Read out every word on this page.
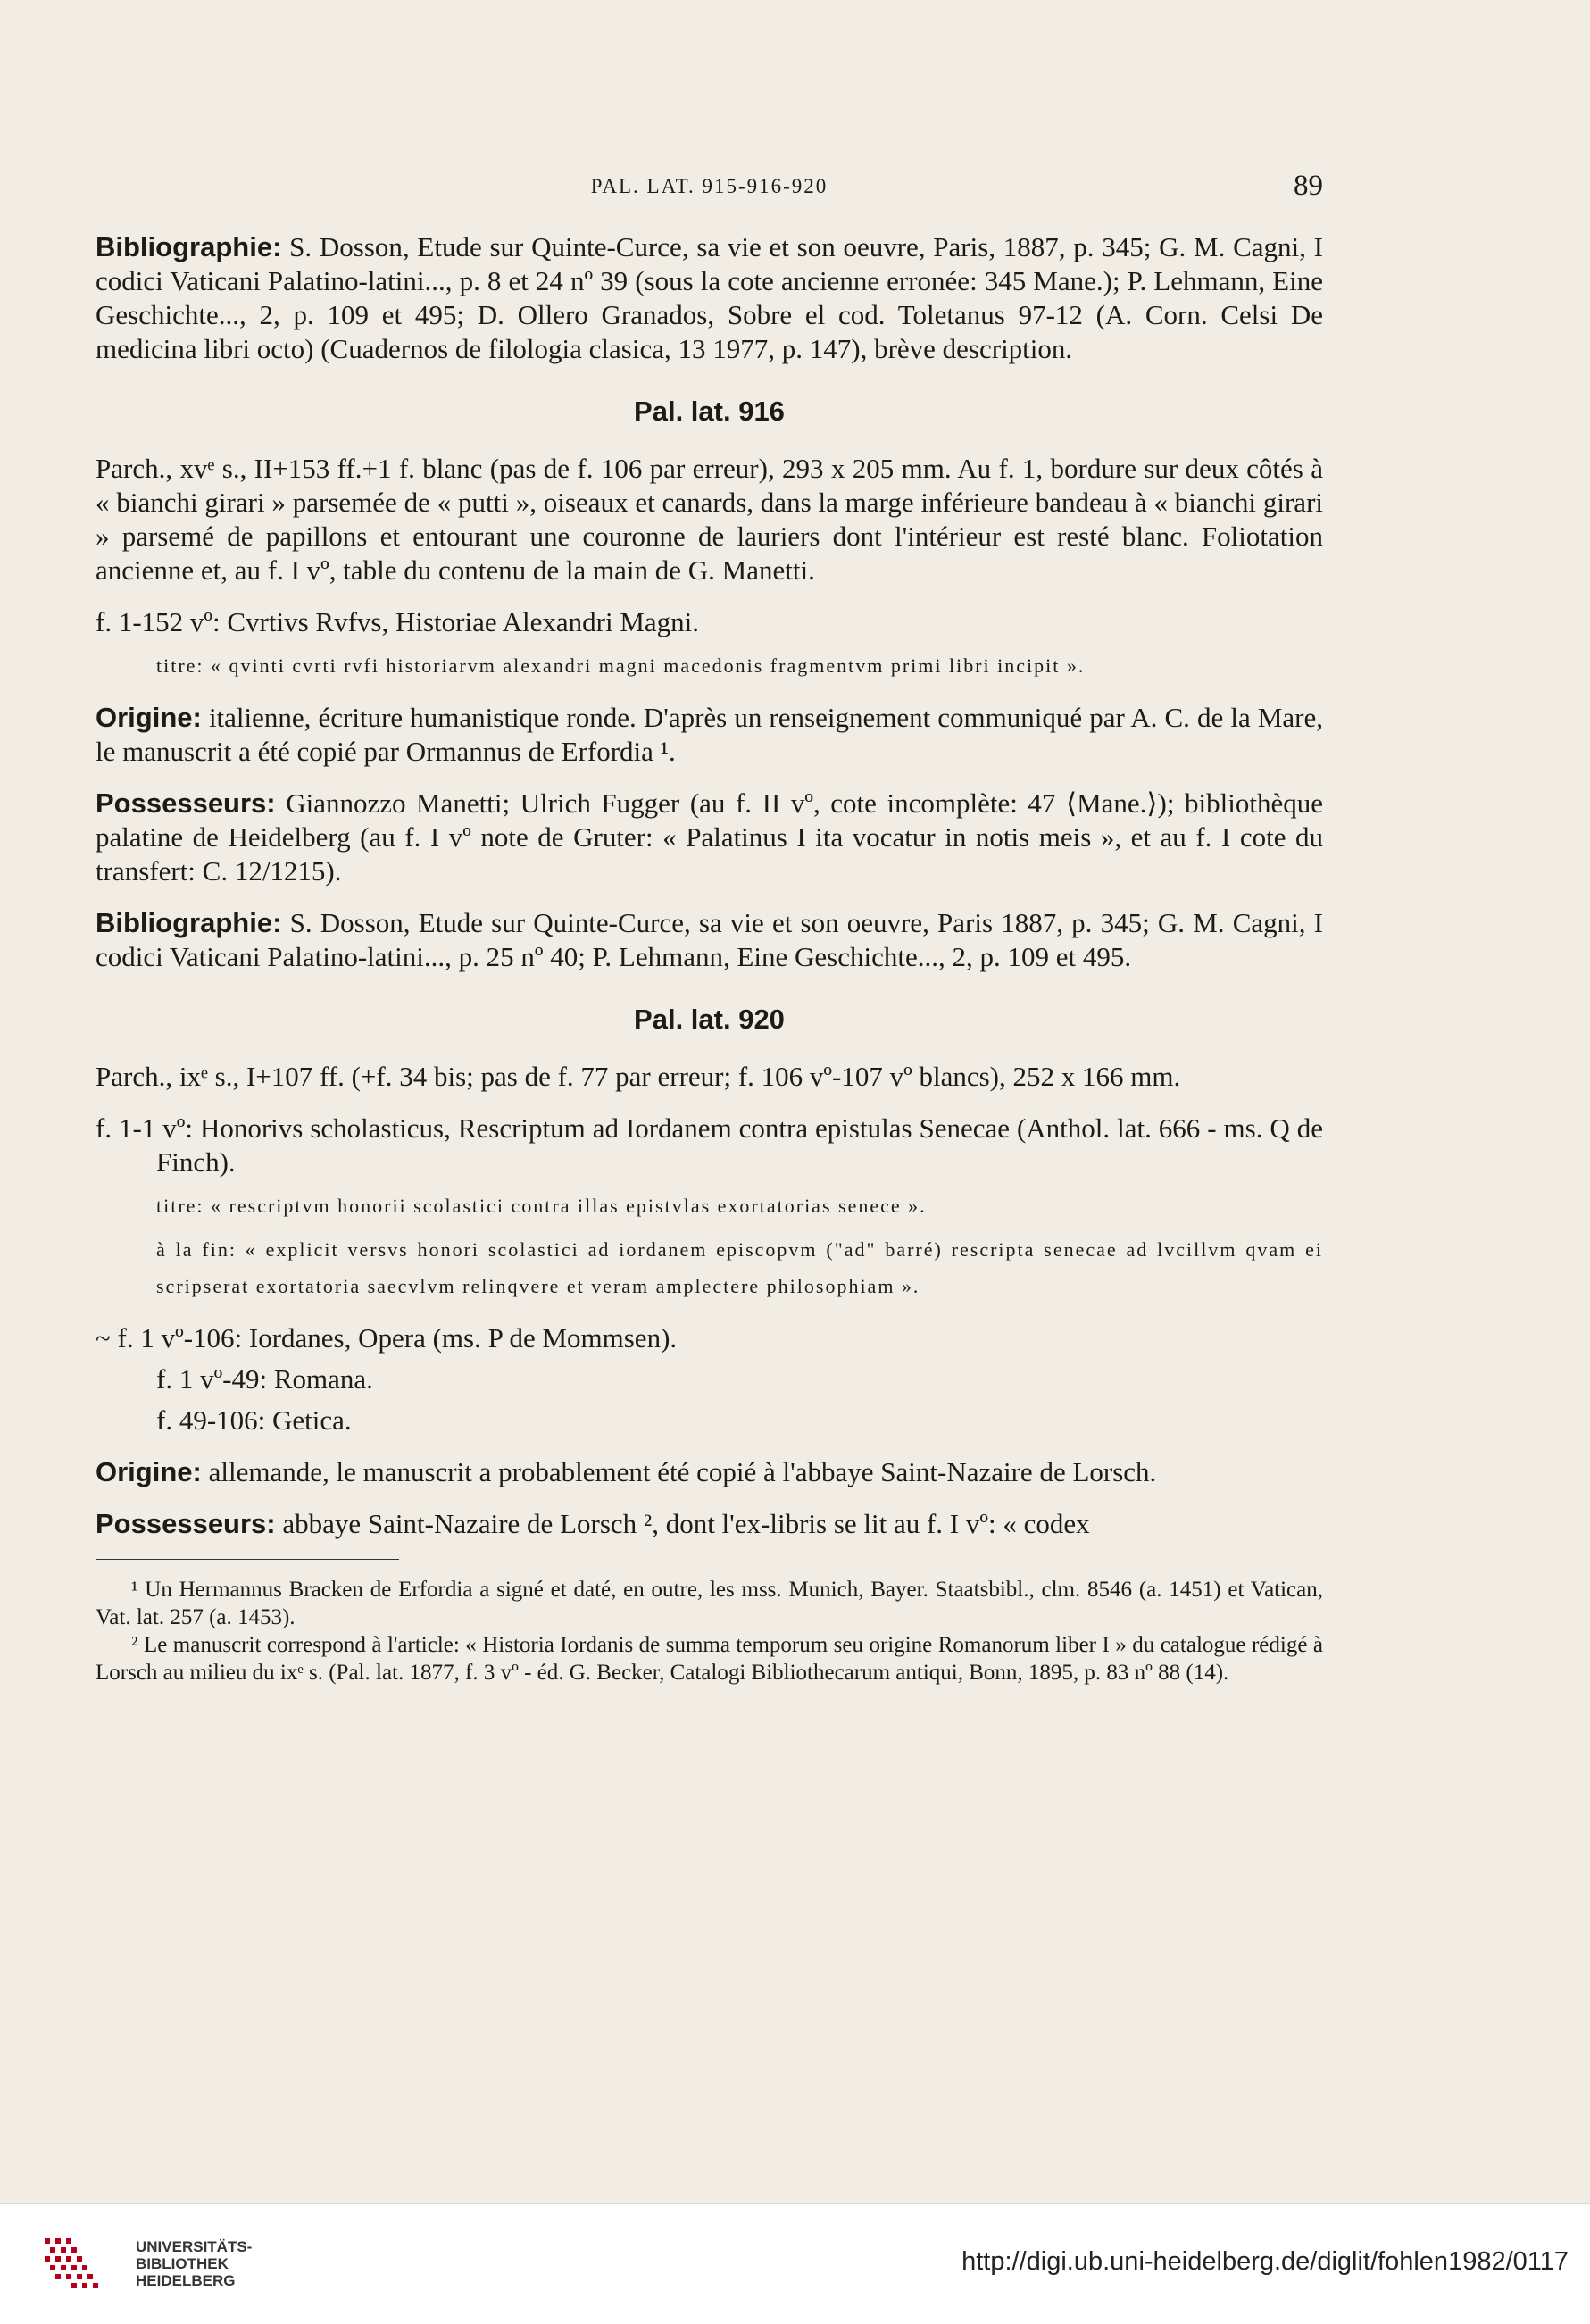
PAL. LAT. 915-916-920	89

Bibliographie: S. Dosson, Etude sur Quinte-Curce, sa vie et son oeuvre, Paris, 1887, p. 345; G. M. Cagni, I codici Vaticani Palatino-latini..., p. 8 et 24 nº 39 (sous la cote ancienne erronée: 345 Mane.); P. Lehmann, Eine Geschichte..., 2, p. 109 et 495; D. Ollero Granados, Sobre el cod. Toletanus 97-12 (A. Corn. Celsi De medicina libri octo) (Cuadernos de filologia clasica, 13 1977, p. 147), brève description.

Pal. lat. 916

Parch., xvᵉ s., II+153 ff.+1 f. blanc (pas de f. 106 par erreur), 293 x 205 mm. Au f. 1, bordure sur deux côtés à « bianchi girari » parsemée de « putti », oiseaux et canards, dans la marge inférieure bandeau à « bianchi girari » parsemé de papillons et entourant une couronne de lauriers dont l'intérieur est resté blanc. Foliotation ancienne et, au f. I vº, table du contenu de la main de G. Manetti.

f. 1-152 vº: Cvrtivs Rvfvs, Historiae Alexandri Magni.

titre: « qvinti cvrti rvfi historiarvm alexandri magni macedonis fragmentvm primi libri incipit ».

Origine: italienne, écriture humanistique ronde. D'après un renseignement communiqué par A. C. de la Mare, le manuscrit a été copié par Ormannus de Erfordia ¹.

Possesseurs: Giannozzo Manetti; Ulrich Fugger (au f. II vº, cote incomplète: 47 ⟨Mane.⟩); bibliothèque palatine de Heidelberg (au f. I vº note de Gruter: « Palatinus I ita vocatur in notis meis », et au f. I cote du transfert: C. 12/1215).

Bibliographie: S. Dosson, Etude sur Quinte-Curce, sa vie et son oeuvre, Paris 1887, p. 345; G. M. Cagni, I codici Vaticani Palatino-latini..., p. 25 nº 40; P. Lehmann, Eine Geschichte..., 2, p. 109 et 495.

Pal. lat. 920

Parch., ixᵉ s., I+107 ff. (+f. 34 bis; pas de f. 77 par erreur; f. 106 vº-107 vº blancs), 252 x 166 mm.

f. 1-1 vº: Honorivs scholasticus, Rescriptum ad Iordanem contra epistulas Senecae (Anthol. lat. 666 - ms. Q de Finch).

titre: « rescriptvm honorii scolastici contra illas epistvlas exortatorias senece ».

à la fin: « explicit versvs honori scolastici ad iordanem episcopvm ("ad" barré) rescripta senecae ad lvcillvm qvam ei scripserat exortatoria saecvlvm relinqvere et veram amplectere philosophiam ».

~ f. 1 vº-106: Iordanes, Opera (ms. P de Mommsen).

f. 1 vº-49: Romana.

f. 49-106: Getica.

Origine: allemande, le manuscrit a probablement été copié à l'abbaye Saint-Nazaire de Lorsch.

Possesseurs: abbaye Saint-Nazaire de Lorsch ², dont l'ex-libris se lit au f. I vº: « codex

¹ Un Hermannus Bracken de Erfordia a signé et daté, en outre, les mss. Munich, Bayer. Staatsbibl., clm. 8546 (a. 1451) et Vatican, Vat. lat. 257 (a. 1453).

² Le manuscrit correspond à l'article: « Historia Iordanis de summa temporum seu origine Romanorum liber I » du catalogue rédigé à Lorsch au milieu du ixᵉ s. (Pal. lat. 1877, f. 3 vº - éd. G. Becker, Catalogi Bibliothecarum antiqui, Bonn, 1895, p. 83 nº 88 (14).

UNIVERSITÄTS-
BIBLIOTHEK
HEIDELBERG
http://digi.ub.uni-heidelberg.de/diglit/fohlen1982/0117
